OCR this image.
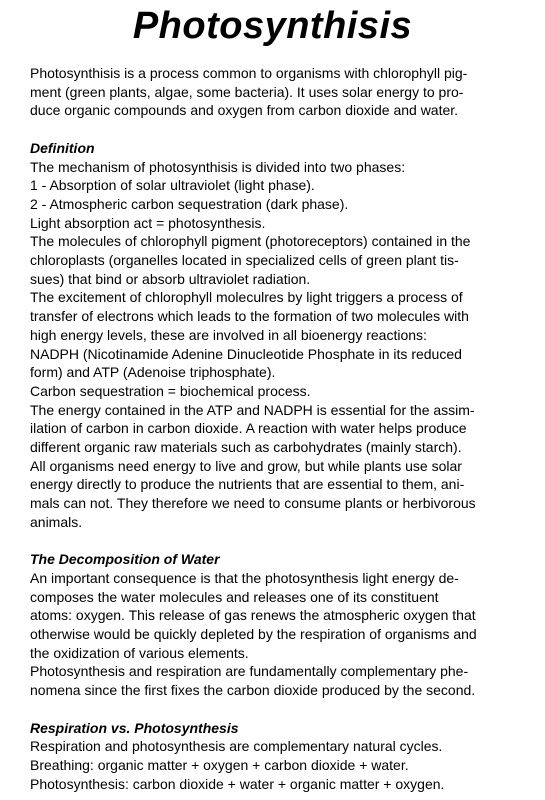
Photosynthisis
Photosynthisis is a process common to organisms with chlorophyll pig-
ment (green plants, algae, some bacteria). It uses solar energy to pro-
duce organic compounds and oxygen from carbon dioxide and water.
Definition
The mechanism of photosynthisis is divided into two phases:
1 - Absorption of solar ultraviolet (light phase).
2 - Atmospheric carbon sequestration (dark phase).
Light absorption act = photosynthesis.
The molecules of chlorophyll pigment (photoreceptors) contained in the
chloroplasts (organelles located in specialized cells of green plant tis-
sues) that bind or absorb ultraviolet radiation.
The excitement of chlorophyll moleculres by light triggers a process of
transfer of electrons which leads to the formation of two molecules with
high energy levels, these are involved in all bioenergy reactions:
NADPH (Nicotinamide Adenine Dinucleotide Phosphate in its reduced
form) and ATP (Adenoise triphosphate).
Carbon sequestration = biochemical process.
The energy contained in the ATP and NADPH is essential for the assim-
ilation of carbon in carbon dioxide. A reaction with water helps produce
different organic raw materials such as carbohydrates (mainly starch).
All organisms need energy to live and grow, but while plants use solar
energy directly to produce the nutrients that are essential to them, ani-
mals can not. They therefore we need to consume plants or herbivorous
animals.
The Decomposition of Water
An important consequence is that the photosynthesis light energy de-
composes the water molecules and releases one of its constituent
atoms: oxygen. This release of gas renews the atmospheric oxygen that
otherwise would be quickly depleted by the respiration of organisms and
the oxidization of various elements.
Photosynthesis and respiration are fundamentally complementary phe-
nomena since the first fixes the carbon dioxide produced by the second.
Respiration vs. Photosynthesis
Respiration and photosynthesis are complementary natural cycles.
Breathing: organic matter + oxygen + carbon dioxide + water.
Photosynthesis: carbon dioxide + water + organic matter + oxygen.
